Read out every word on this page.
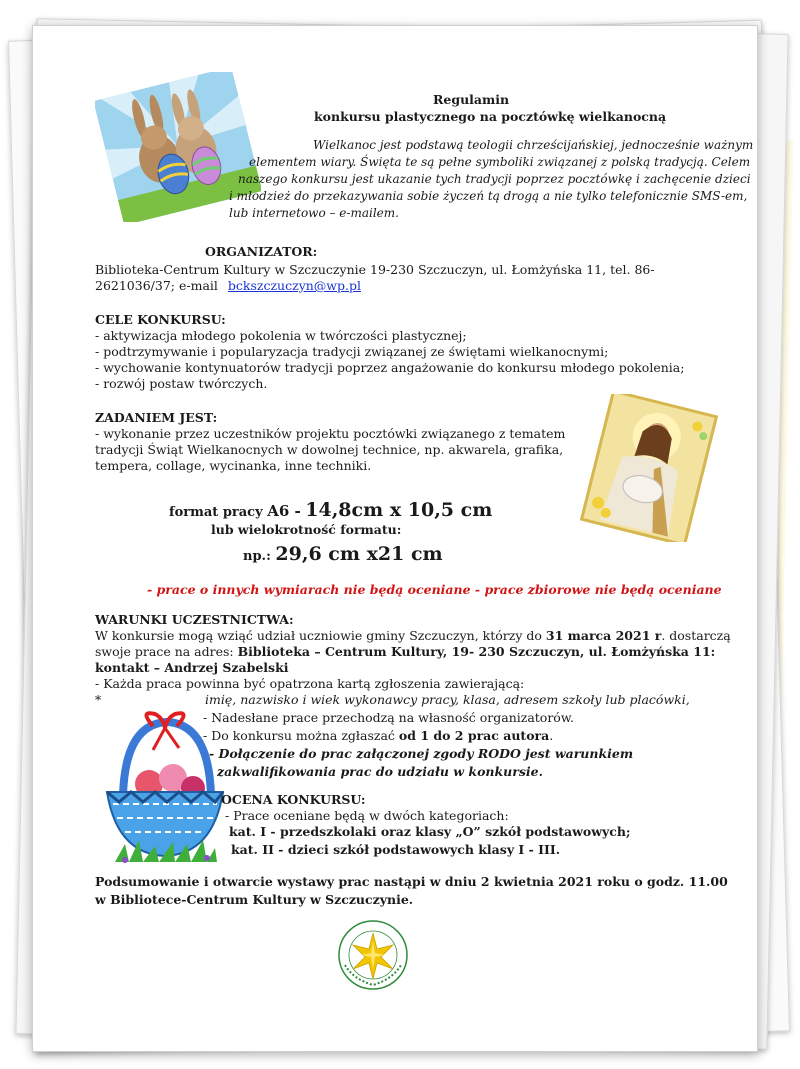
Regulamin
konkursu plastycznego na pocztówkę wielkanocną
Wielkanoc jest podstawą teologii chrześcijańskiej, jednocześnie ważnym
elementem wiary. Święta te są pełne symboliki związanej z polską tradycją. Celem
naszego konkursu jest ukazanie tych tradycji poprzez pocztówkę i zachęcenie dzieci
i młodzież do przekazywania sobie życzeń tą drogą a nie tylko telefonicznie SMS-em,
lub internetowo – e-mailem.
ORGANIZATOR:
Biblioteka-Centrum Kultury w Szczuczynie 19-230 Szczuczyn, ul. Łomżyńska 11, tel. 86-
2621036/37; e-mail bckszczuczyn@wp.pl
CELE KONKURSU:
- aktywizacja młodego pokolenia w twórczości plastycznej;
- podtrzymywanie i popularyzacja tradycji związanej ze świętami wielkanocnymi;
- wychowanie kontynuatorów tradycji poprzez angażowanie do konkursu młodego pokolenia;
- rozwój postaw twórczych.
ZADANIEM JEST:
- wykonanie przez uczestników projektu pocztówki związanego z tematem
tradycji Świąt Wielkanocnych w dowolnej technice, np. akwarela, grafika,
tempera, collage, wycinanka, inne techniki.
format pracy A6 - 14,8cm x 10,5 cm
lub wielokrotność formatu:
np.: 29,6 cm x21 cm
- prace o innych wymiarach nie będą oceniane - prace zbiorowe nie będą oceniane
WARUNKI UCZESTNICTWA:
W konkursie mogą wziąć udział uczniowie gminy Szczuczyn, którzy do 31 marca 2021 r. dostarczą
swoje prace na adres: Biblioteka – Centrum Kultury, 19- 230 Szczuczyn, ul. Łomżyńska 11:
kontakt – Andrzej Szabelski
- Każda praca powinna być opatrzona kartą zgłoszenia zawierającą:
*	imię, nazwisko i wiek wykonawcy pracy, klasa, adresem szkoły lub placówki,
- Nadesłane prace przechodzą na własność organizatorów.
- Do konkursu można zgłaszać od 1 do 2 prac autora.
- Dołączenie do prac załączonej zgody RODO jest warunkiem
zakwalifikowania prac do udziału w konkursie.
OCENA KONKURSU:
- Prace oceniane będą w dwóch kategoriach:
kat. I - przedszkolaki oraz klasy „O” szkół podstawowych;
kat. II - dzieci szkół podstawowych klasy I - III.
Podsumowanie i otwarcie wystawy prac nastąpi w dniu 2 kwietnia 2021 roku o godz. 11.00
w Bibliotece-Centrum Kultury w Szczuczynie.
